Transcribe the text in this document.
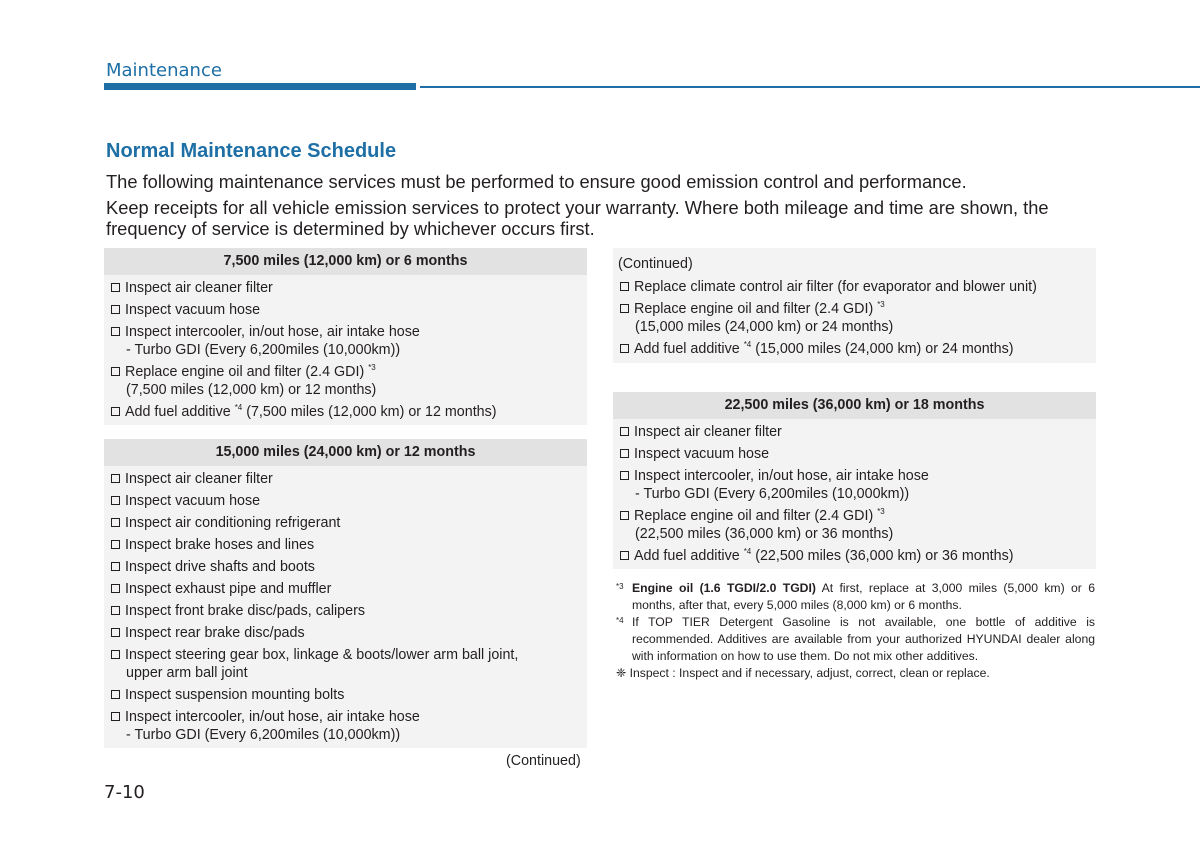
Maintenance
Normal Maintenance Schedule
The following maintenance services must be performed to ensure good emission control and performance.
Keep receipts for all vehicle emission services to protect your warranty. Where both mileage and time are shown, the frequency of service is determined by whichever occurs first.
7,500 miles (12,000 km) or 6 months
Inspect air cleaner filter
Inspect vacuum hose
Inspect intercooler, in/out hose, air intake hose
- Turbo GDI (Every 6,200miles (10,000km))
Replace engine oil and filter (2.4 GDI) $^{*3}$
(7,500 miles (12,000 km) or 12 months)
Add fuel additive $^{*4}$ (7,500 miles (12,000 km) or 12 months)
15,000 miles (24,000 km) or 12 months
Inspect air cleaner filter
Inspect vacuum hose
Inspect air conditioning refrigerant
Inspect brake hoses and lines
Inspect drive shafts and boots
Inspect exhaust pipe and muffler
Inspect front brake disc/pads, calipers
Inspect rear brake disc/pads
Inspect steering gear box, linkage & boots/lower arm ball joint,
upper arm ball joint
Inspect suspension mounting bolts
Inspect intercooler, in/out hose, air intake hose
- Turbo GDI (Every 6,200miles (10,000km))
(Continued)
(Continued)
Replace climate control air filter (for evaporator and blower unit)
Replace engine oil and filter (2.4 GDI) $^{*3}$
(15,000 miles (24,000 km) or 24 months)
Add fuel additive $^{*4}$ (15,000 miles (24,000 km) or 24 months)
22,500 miles (36,000 km) or 18 months
Inspect air cleaner filter
Inspect vacuum hose
Inspect intercooler, in/out hose, air intake hose
- Turbo GDI (Every 6,200miles (10,000km))
Replace engine oil and filter (2.4 GDI) $^{*3}$
(22,500 miles (36,000 km) or 36 months)
Add fuel additive $^{*4}$ (22,500 miles (36,000 km) or 36 months)
*3 Engine oil (1.6 TGDI/2.0 TGDI) At first, replace at 3,000 miles (5,000 km) or 6 months, after that, every 5,000 miles (8,000 km) or 6 months.
*4 If TOP TIER Detergent Gasoline is not available, one bottle of additive is recommended. Additives are available from your authorized HYUNDAI dealer along with information on how to use them. Do not mix other additives.
❈ Inspect : Inspect and if necessary, adjust, correct, clean or replace.
7-10
